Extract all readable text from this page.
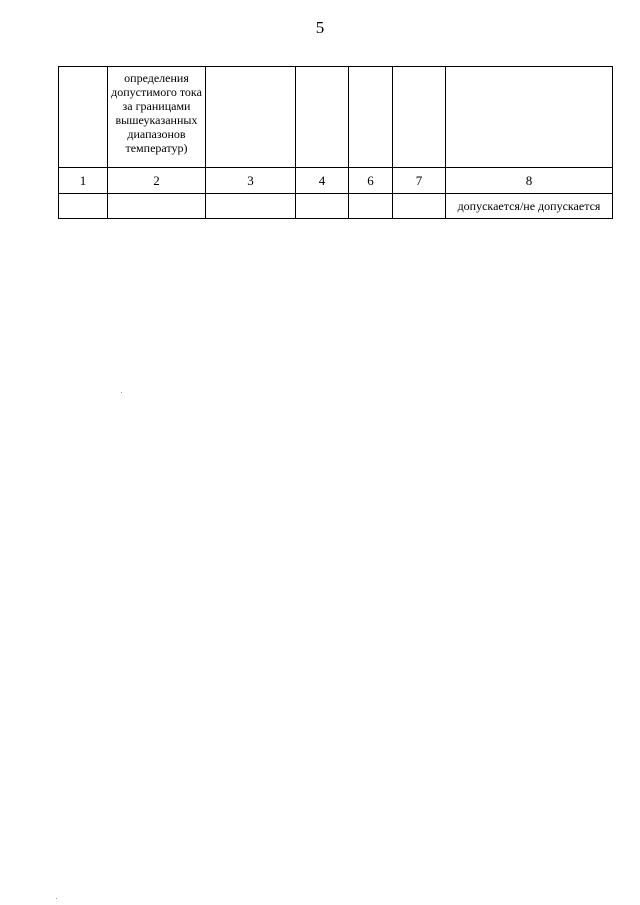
5
	определения допустимого тока за границами вышеуказанных диапазонов температур)					
1	2	3	4	6	7	8
						допускается/не допускается
